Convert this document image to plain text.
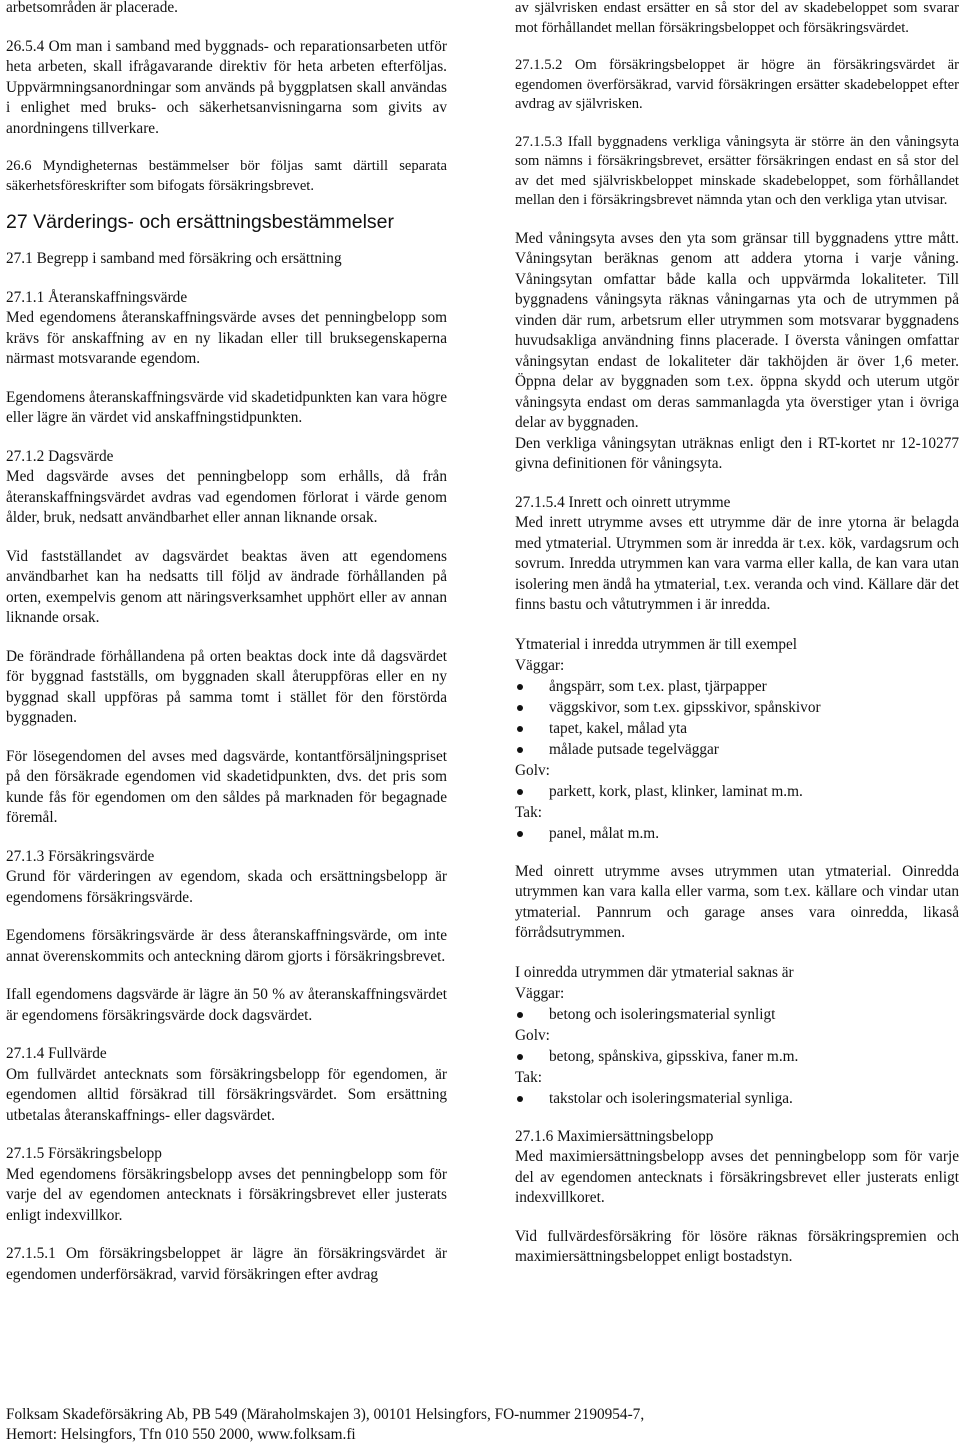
arbetsområden är placerade.

26.5.4 Om man i samband med byggnads- och reparationsarbeten utför heta arbeten, skall ifrågavarande direktiv för heta arbeten efterföljas. Uppvärmningsanordningar som används på byggplatsen skall användas i enlighet med bruks- och säkerhetsanvisningarna som givits av anordningens tillverkare.

26.6 Myndigheternas bestämmelser bör följas samt därtill separata säkerhetsföreskrifter som bifogats försäkringsbrevet.

27 Värderings- och ersättningsbestämmelser

27.1 Begrepp i samband med försäkring och ersättning

27.1.1 Återanskaffningsvärde
Med egendomens återanskaffningsvärde avses det penningbelopp som krävs för anskaffning av en ny likadan eller till bruksegenskaperna närmast motsvarande egendom.

Egendomens återanskaffningsvärde vid skadetidpunkten kan vara högre eller lägre än värdet vid anskaffningstidpunkten.

27.1.2 Dagsvärde
Med dagsvärde avses det penningbelopp som erhålls, då från återanskaffningsvärdet avdras vad egendomen förlorat i värde genom ålder, bruk, nedsatt användbarhet eller annan liknande orsak.

Vid fastställandet av dagsvärdet beaktas även att egendomens användbarhet kan ha nedsatts till följd av ändrade förhållanden på orten, exempelvis genom att näringsverksamhet upphört eller av annan liknande orsak.

De förändrade förhållandena på orten beaktas dock inte då dagsvärdet för byggnad fastställs, om byggnaden skall återuppföras eller en ny byggnad skall uppföras på samma tomt i stället för den förstörda byggnaden.

För lösegendomen del avses med dagsvärde, kontantförsäljningspriset på den försäkrade egendomen vid skadetidpunkten, dvs. det pris som kunde fås för egendomen om den såldes på marknaden för begagnade föremål.

27.1.3 Försäkringsvärde
Grund för värderingen av egendom, skada och ersättningsbelopp är egendomens försäkringsvärde.

Egendomens försäkringsvärde är dess återanskaffningsvärde, om inte annat överenskommits och anteckning därom gjorts i försäkringsbrevet.

Ifall egendomens dagsvärde är lägre än 50 % av återanskaffningsvärdet är egendomens försäkringsvärde dock dagsvärdet.

27.1.4 Fullvärde
Om fullvärdet antecknats som försäkringsbelopp för egendomen, är egendomen alltid försäkrad till försäkringsvärdet. Som ersättning utbetalas återanskaffnings- eller dagsvärdet.

27.1.5 Försäkringsbelopp
Med egendomens försäkringsbelopp avses det penningbelopp som för varje del av egendomen antecknats i försäkringsbrevet eller justerats enligt indexvillkor.

27.1.5.1 Om försäkringsbeloppet är lägre än försäkringsvärdet är egendomen underförsäkrad, varvid försäkringen efter avdrag

av självrisken endast ersätter en så stor del av skadebeloppet som svarar mot förhållandet mellan försäkringsbeloppet och försäkringsvärdet.

27.1.5.2 Om försäkringsbeloppet är högre än försäkringsvärdet är egendomen överförsäkrad, varvid försäkringen ersätter skadebeloppet efter avdrag av självrisken.

27.1.5.3 Ifall byggnadens verkliga våningsyta är större än den våningsyta som nämns i försäkringsbrevet, ersätter försäkringen endast en så stor del av det med självriskbeloppet minskade skadebeloppet, som förhållandet mellan den i försäkringsbrevet nämnda ytan och den verkliga ytan utvisar.

Med våningsyta avses den yta som gränsar till byggnadens yttre mått. Våningsytan beräknas genom att addera ytorna i varje våning. Våningsytan omfattar både kalla och uppvärmda lokaliteter. Till byggnadens våningsyta räknas våningarnas yta och de utrymmen på vinden där rum, arbetsrum eller utrymmen som motsvarar byggnadens huvudsakliga användning finns placerade. I översta våningen omfattar våningsytan endast de lokaliteter där takhöjden är över 1,6 meter. Öppna delar av byggnaden som t.ex. öppna skydd och uterum utgör våningsyta endast om deras sammanlagda yta överstiger ytan i övriga delar av byggnaden.

Den verkliga våningsytan uträknas enligt den i RT-kortet nr 12-10277 givna definitionen för våningsyta.

27.1.5.4 Inrett och oinrett utrymme
Med inrett utrymme avses ett utrymme där de inre ytorna är belagda med ytmaterial. Utrymmen som är inredda är t.ex. kök, vardagsrum och sovrum. Inredda utrymmen kan vara varma eller kalla, de kan vara utan isolering men ändå ha ytmaterial, t.ex. veranda och vind. Källare där det finns bastu och våtutrymmen i är inredda.

Ytmaterial i inredda utrymmen är till exempel
Väggar:
ångspärr, som t.ex. plast, tjärpapper
väggskivor, som t.ex. gipsskivor, spånskivor
tapet, kakel, målad yta
målade putsade tegelväggar
Golv:
parkett, kork, plast, klinker, laminat m.m.
Tak:
panel, målat m.m.

Med oinrett utrymme avses utrymmen utan ytmaterial. Oinredda utrymmen kan vara kalla eller varma, som t.ex. källare och vindar utan ytmaterial. Pannrum och garage anses vara oinredda, likaså förrådsutrymmen.

I oinredda utrymmen där ytmaterial saknas är
Väggar:
betong och isoleringsmaterial synligt
Golv:
betong, spånskiva, gipsskiva, faner m.m.
Tak:
takstolar och isoleringsmaterial synliga.

27.1.6 Maximiersättningsbelopp
Med maximiersättningsbelopp avses det penningbelopp som för varje del av egendomen antecknats i försäkringsbrevet eller justerats enligt indexvillkoret.

Vid fullvärdesförsäkring för lösöre räknas försäkringspremien och maximiersättningsbeloppet enligt bostadstyn.

Folksam Skadeförsäkring Ab, PB 549 (Märaholmskajen 3), 00101 Helsingfors, FO-nummer 2190954-7,
Hemort: Helsingfors, Tfn 010 550 2000, www.folksam.fi
